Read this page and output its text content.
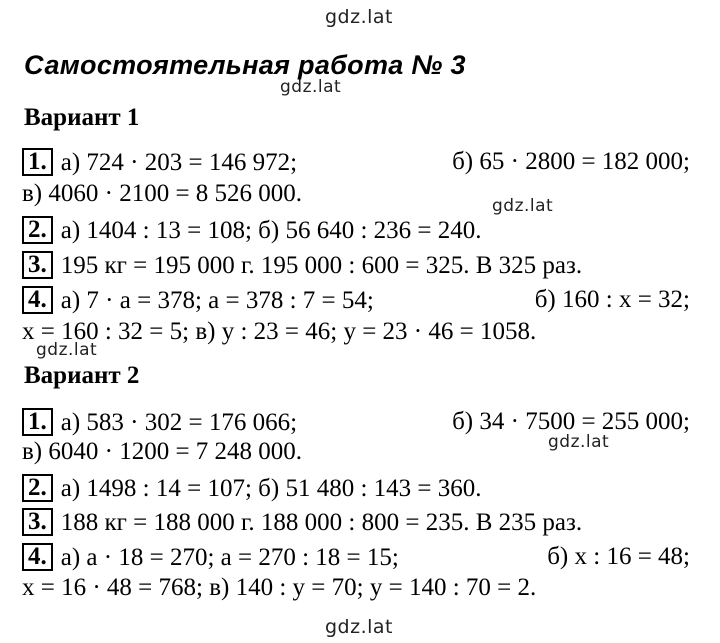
gdz.lat
gdz.lat
gdz.lat
gdz.lat
gdz.lat
gdz.lat
Самостоятельная работа № 3
Вариант 1
1. а) 724 · 203 = 146 972;	б) 65 · 2800 = 182 000;
в) 4060 · 2100 = 8 526 000.
2. а) 1404 : 13 = 108; б) 56 640 : 236 = 240.
3. 195 кг = 195 000 г. 195 000 : 600 = 325. В 325 раз.
4. а) 7 · a = 378; a = 378 : 7 = 54;	б) 160 : x = 32;
x = 160 : 32 = 5; в) y : 23 = 46; y = 23 · 46 = 1058.
Вариант 2
1. а) 583 · 302 = 176 066;	б) 34 · 7500 = 255 000;
в) 6040 · 1200 = 7 248 000.
2. а) 1498 : 14 = 107; б) 51 480 : 143 = 360.
3. 188 кг = 188 000 г. 188 000 : 800 = 235. В 235 раз.
4. а) a · 18 = 270; a = 270 : 18 = 15;	б) x : 16 = 48;
x = 16 · 48 = 768; в) 140 : y = 70; y = 140 : 70 = 2.
